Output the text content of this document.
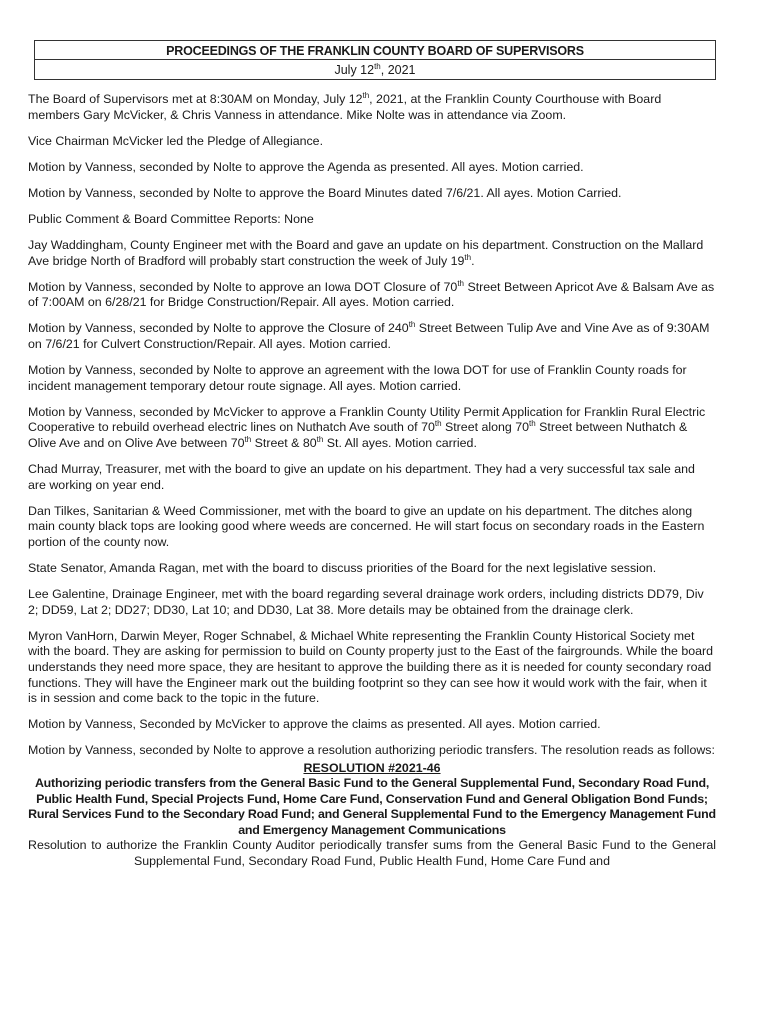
PROCEEDINGS OF THE FRANKLIN COUNTY BOARD OF SUPERVISORS
July 12th, 2021

The Board of Supervisors met at 8:30AM on Monday, July 12th, 2021, at the Franklin County Courthouse with Board members Gary McVicker, & Chris Vanness in attendance. Mike Nolte was in attendance via Zoom.

Vice Chairman McVicker led the Pledge of Allegiance.

Motion by Vanness, seconded by Nolte to approve the Agenda as presented. All ayes. Motion carried.

Motion by Vanness, seconded by Nolte to approve the Board Minutes dated 7/6/21. All ayes. Motion Carried.

Public Comment & Board Committee Reports: None

Jay Waddingham, County Engineer met with the Board and gave an update on his department. Construction on the Mallard Ave bridge North of Bradford will probably start construction the week of July 19th.

Motion by Vanness, seconded by Nolte to approve an Iowa DOT Closure of 70th Street Between Apricot Ave & Balsam Ave as of 7:00AM on 6/28/21 for Bridge Construction/Repair. All ayes. Motion carried.

Motion by Vanness, seconded by Nolte to approve the Closure of 240th Street Between Tulip Ave and Vine Ave as of 9:30AM on 7/6/21 for Culvert Construction/Repair. All ayes. Motion carried.

Motion by Vanness, seconded by Nolte to approve an agreement with the Iowa DOT for use of Franklin County roads for incident management temporary detour route signage. All ayes. Motion carried.

Motion by Vanness, seconded by McVicker to approve a Franklin County Utility Permit Application for Franklin Rural Electric Cooperative to rebuild overhead electric lines on Nuthatch Ave south of 70th Street along 70th Street between Nuthatch & Olive Ave and on Olive Ave between 70th Street & 80th St. All ayes. Motion carried.

Chad Murray, Treasurer, met with the board to give an update on his department. They had a very successful tax sale and are working on year end.

Dan Tilkes, Sanitarian & Weed Commissioner, met with the board to give an update on his department. The ditches along main county black tops are looking good where weeds are concerned. He will start focus on secondary roads in the Eastern portion of the county now.

State Senator, Amanda Ragan, met with the board to discuss priorities of the Board for the next legislative session.

Lee Galentine, Drainage Engineer, met with the board regarding several drainage work orders, including districts DD79, Div 2; DD59, Lat 2; DD27; DD30, Lat 10; and DD30, Lat 38. More details may be obtained from the drainage clerk.

Myron VanHorn, Darwin Meyer, Roger Schnabel, & Michael White representing the Franklin County Historical Society met with the board. They are asking for permission to build on County property just to the East of the fairgrounds. While the board understands they need more space, they are hesitant to approve the building there as it is needed for county secondary road functions. They will have the Engineer mark out the building footprint so they can see how it would work with the fair, when it is in session and come back to the topic in the future.

Motion by Vanness, Seconded by McVicker to approve the claims as presented. All ayes. Motion carried.

Motion by Vanness, seconded by Nolte to approve a resolution authorizing periodic transfers. The resolution reads as follows:

RESOLUTION #2021-46
Authorizing periodic transfers from the General Basic Fund to the General Supplemental Fund, Secondary Road Fund, Public Health Fund, Special Projects Fund, Home Care Fund, Conservation Fund and General Obligation Bond Funds; Rural Services Fund to the Secondary Road Fund; and General Supplemental Fund to the Emergency Management Fund and Emergency Management Communications
Resolution to authorize the Franklin County Auditor periodically transfer sums from the General Basic Fund to the General Supplemental Fund, Secondary Road Fund, Public Health Fund, Home Care Fund and
